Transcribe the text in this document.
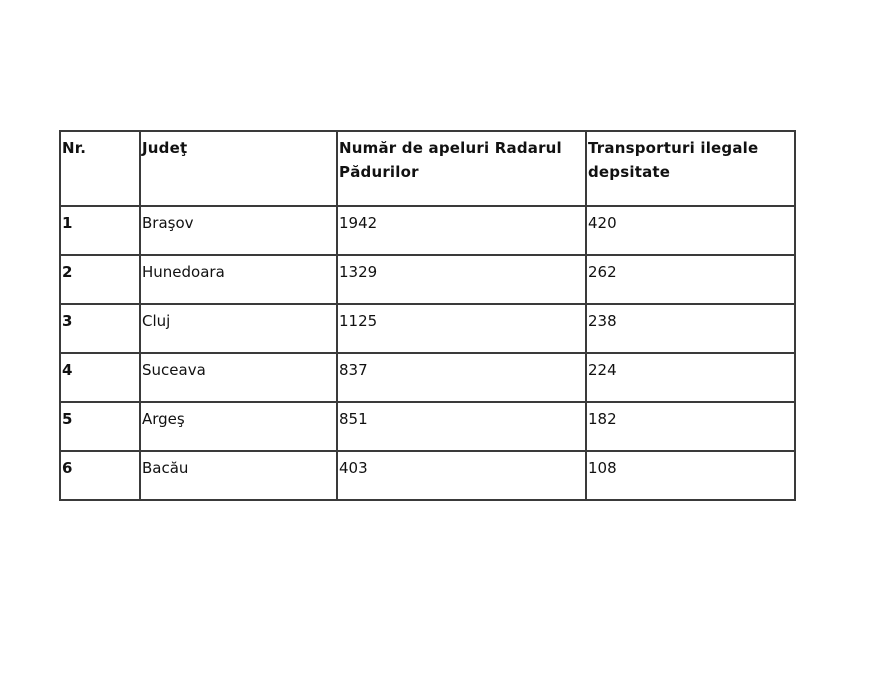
Nr.	Judeţ	Număr de apeluri Radarul Pădurilor	Transporturi ilegale depsitate
1	Braşov	1942	420
2	Hunedoara	1329	262
3	Cluj	1125	238
4	Suceava	837	224
5	Argeş	851	182
6	Bacău	403	108
